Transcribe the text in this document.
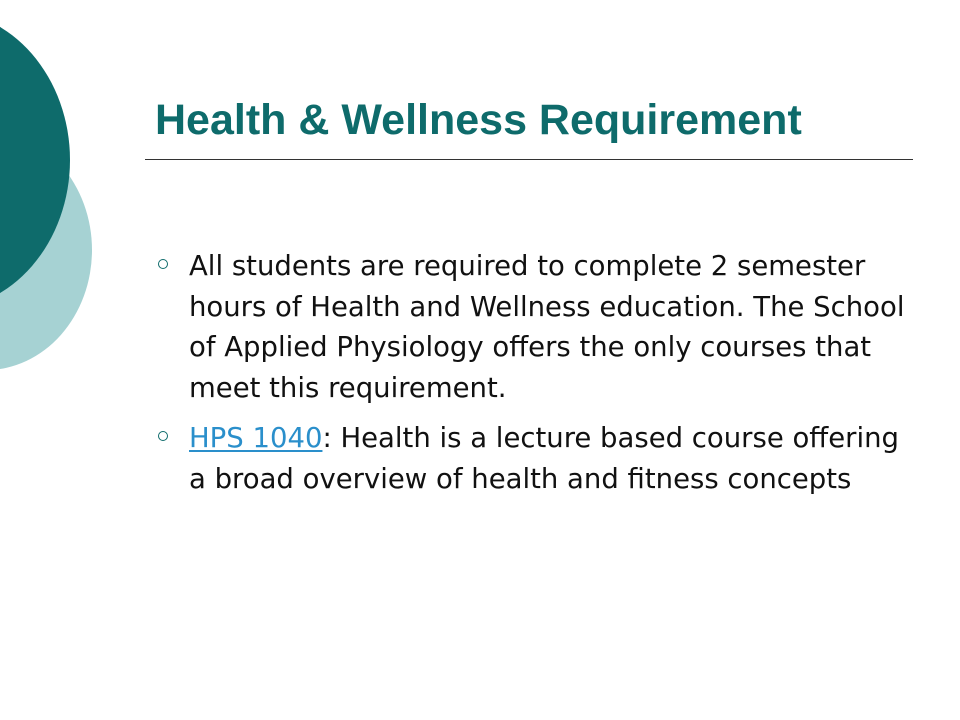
Health & Wellness Requirement
All students are required to complete 2 semester hours of Health and Wellness education. The School of Applied Physiology offers the only courses that meet this requirement.
HPS 1040: Health is a lecture based course offering a broad overview of health and fitness concepts
